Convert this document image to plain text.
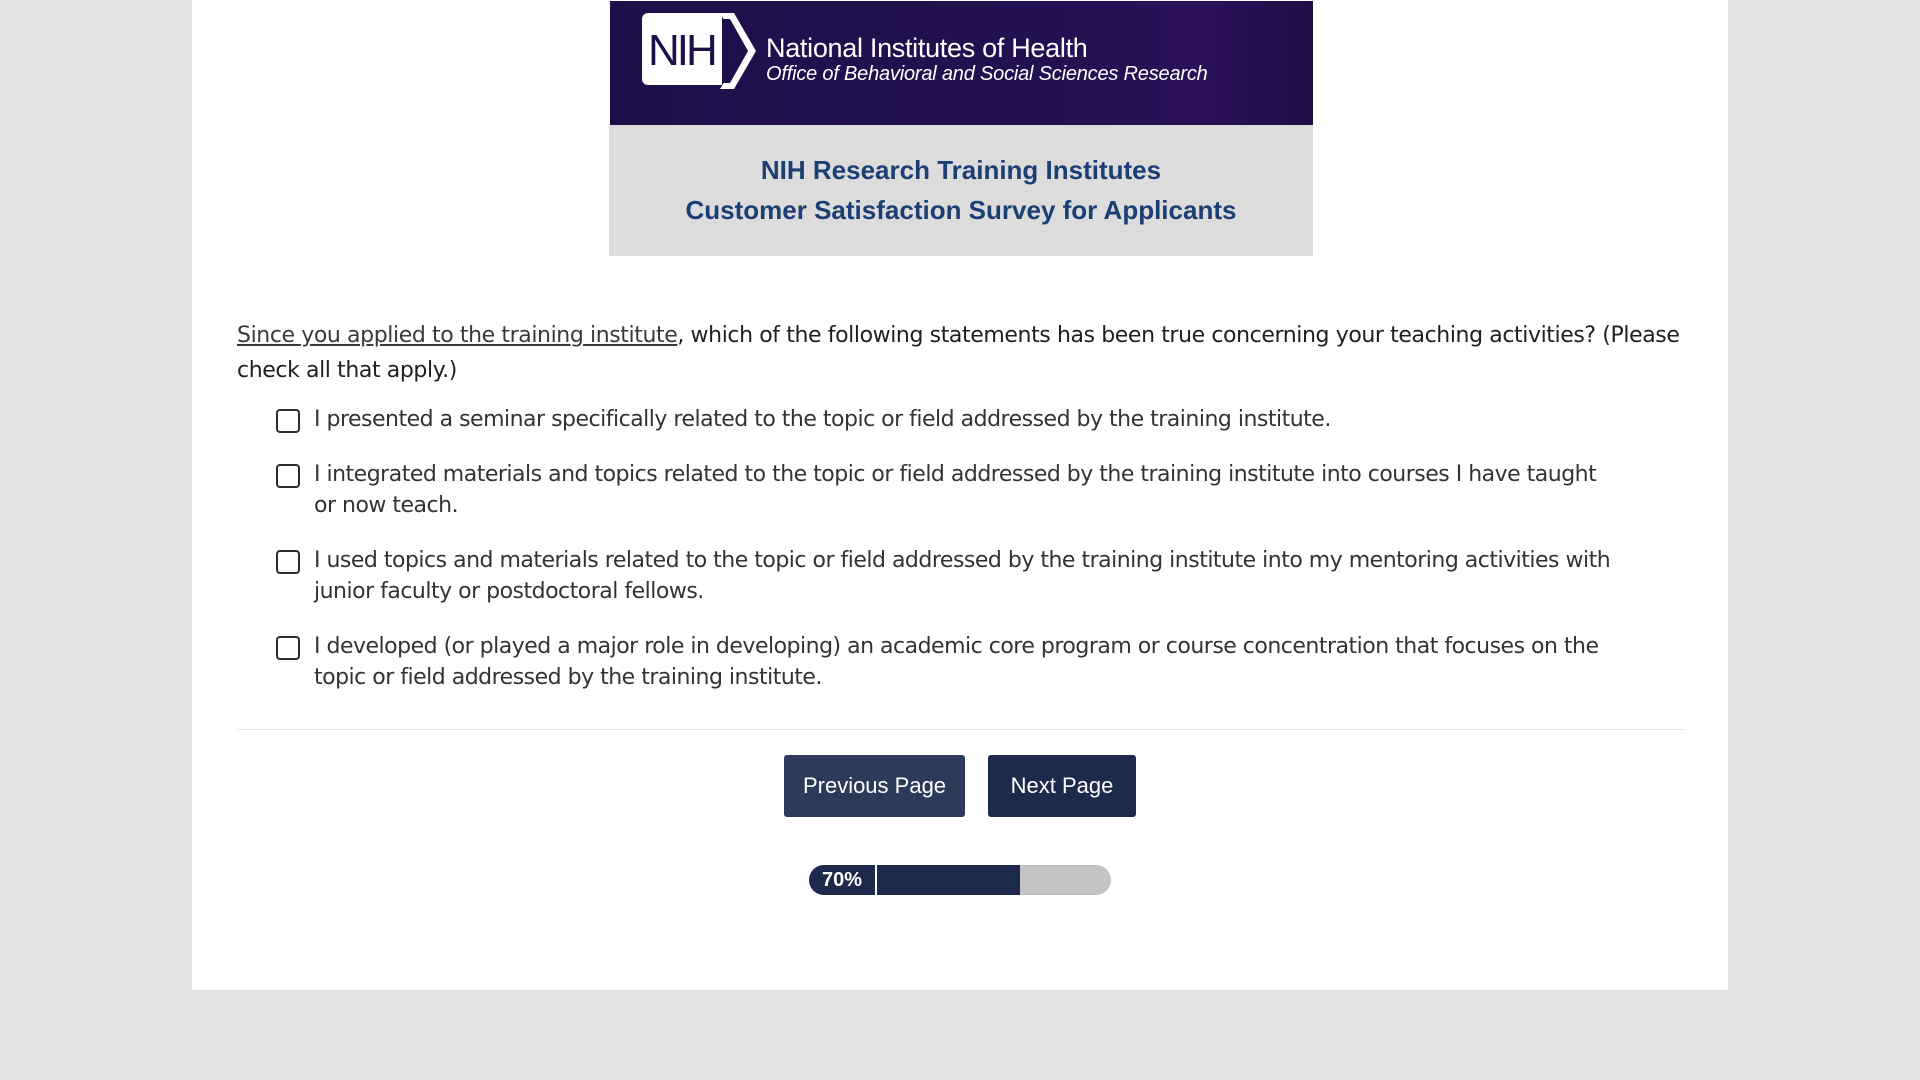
NIH National Institutes of Health
Office of Behavioral and Social Sciences Research
NIH Research Training Institutes
Customer Satisfaction Survey for Applicants
Since you applied to the training institute, which of the following statements has been true concerning your teaching activities? (Please check all that apply.)
I presented a seminar specifically related to the topic or field addressed by the training institute.
I integrated materials and topics related to the topic or field addressed by the training institute into courses I have taught or now teach.
I used topics and materials related to the topic or field addressed by the training institute into my mentoring activities with junior faculty or postdoctoral fellows.
I developed (or played a major role in developing) an academic core program or course concentration that focuses on the topic or field addressed by the training institute.
Previous Page	Next Page
70%
